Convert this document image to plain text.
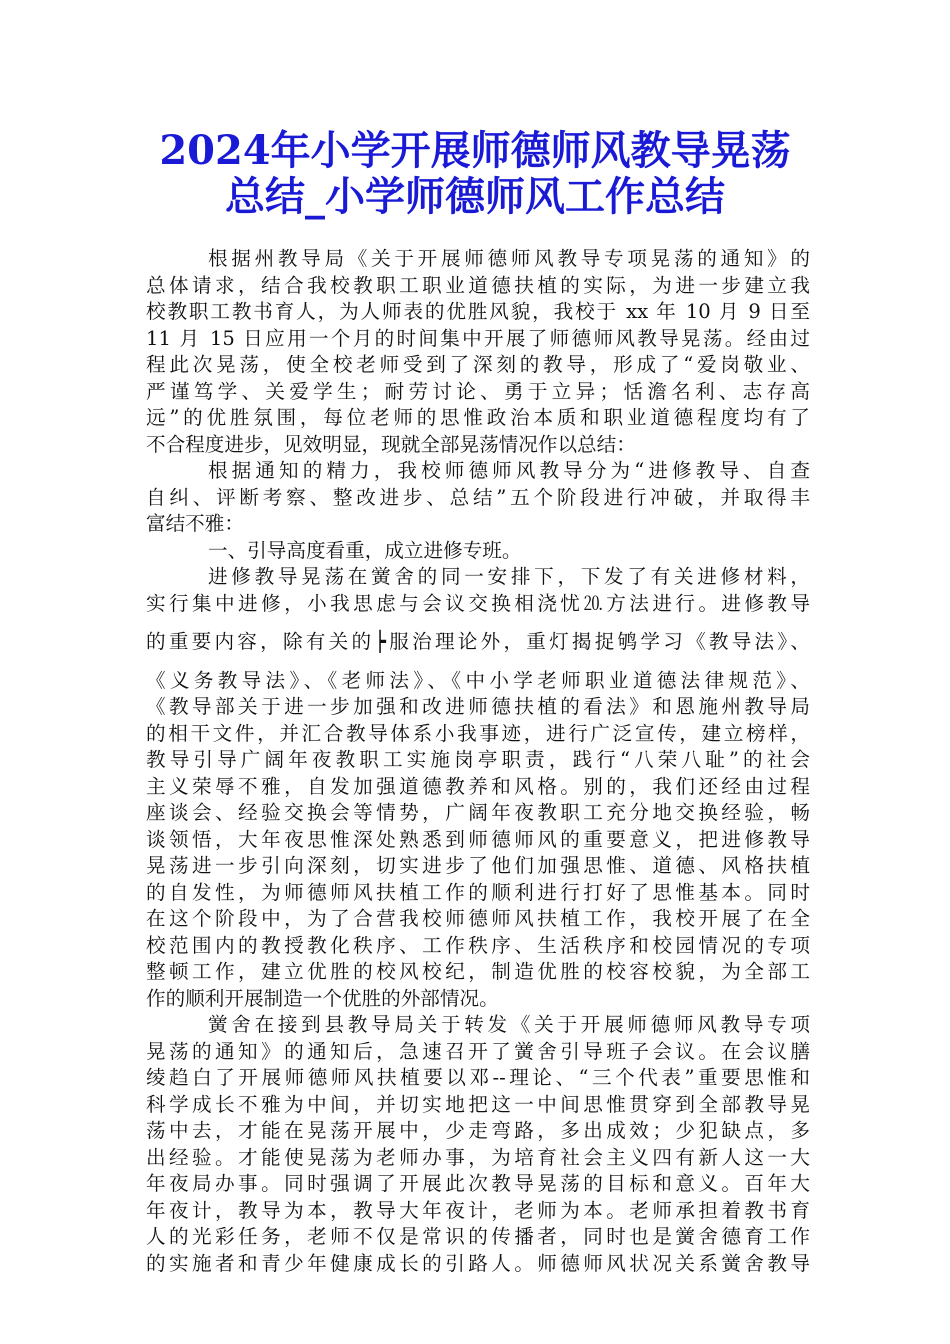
2024年小学开展师德师风教导晃荡
总结_小学师德师风工作总结
根据州教导局《关于开展师德师风教导专项晃荡的通知》的
总体请求，结合我校教职工职业道德扶植的实际，为进一步建立我
校教职工教书育人，为人师表的优胜风貌，我校于 xx 年 10 月 9 日至
11 月 15 日应用一个月的时间集中开展了师德师风教导晃荡。经由过
程此次晃荡，使全校老师受到了深刻的教导，形成了“爱岗敬业、
严谨笃学、关爱学生；耐劳讨论、勇于立异；恬澹名利、志存高
远”的优胜氛围，每位老师的思惟政治本质和职业道德程度均有了
不合程度进步，见效明显，现就全部晃荡情况作以总结：
根据通知的精力，我校师德师风教导分为“进修教导、自查
自纠、评断考察、整改进步、总结”五个阶段进行冲破，并取得丰
富结不雅：
一、引导高度看重，成立进修专班。
进修教导晃荡在黉舍的同一安排下，下发了有关进修材料，
实行集中进修，小我思虑与会议交换相浇忧⒛方法进行。进修教导
的重要内容，除有关的┝服治理论外，重灯揭捉鸲学习《教导法》、
《义务教导法》、《老师法》、《中小学老师职业道德法律规范》、
《教导部关于进一步加强和改进师德扶植的看法》和恩施州教导局
的相干文件，并汇合教导体系小我事迹，进行广泛宣传，建立榜样，
教导引导广阔年夜教职工实施岗亭职责，践行“八荣八耻”的社会
主义荣辱不雅，自发加强道德教养和风格。别的，我们还经由过程
座谈会、经验交换会等情势，广阔年夜教职工充分地交换经验，畅
谈领悟，大年夜思惟深处熟悉到师德师风的重要意义，把进修教导
晃荡进一步引向深刻，切实进步了他们加强思惟、道德、风格扶植
的自发性，为师德师风扶植工作的顺利进行打好了思惟基本。同时
在这个阶段中，为了合营我校师德师风扶植工作，我校开展了在全
校范围内的教授教化秩序、工作秩序、生活秩序和校园情况的专项
整顿工作，建立优胜的校风校纪，制造优胜的校容校貌，为全部工
作的顺利开展制造一个优胜的外部情况。
黉舍在接到县教导局关于转发《关于开展师德师风教导专项
晃荡的通知》的通知后，急速召开了黉舍引导班子会议。在会议膳
绫趋白了开展师德师风扶植要以邓--理论、“三个代表”重要思惟和
科学成长不雅为中间，并切实地把这一中间思惟贯穿到全部教导晃
荡中去，才能在晃荡开展中，少走弯路，多出成效；少犯缺点，多
出经验。才能使晃荡为老师办事，为培育社会主义四有新人这一大
年夜局办事。同时强调了开展此次教导晃荡的目标和意义。百年大
年夜计，教导为本，教导大年夜计，老师为本。老师承担着教书育
人的光彩任务，老师不仅是常识的传播者，同时也是黉舍德育工作
的实施者和青少年健康成长的引路人。师德师风状况关系黉舍教导
